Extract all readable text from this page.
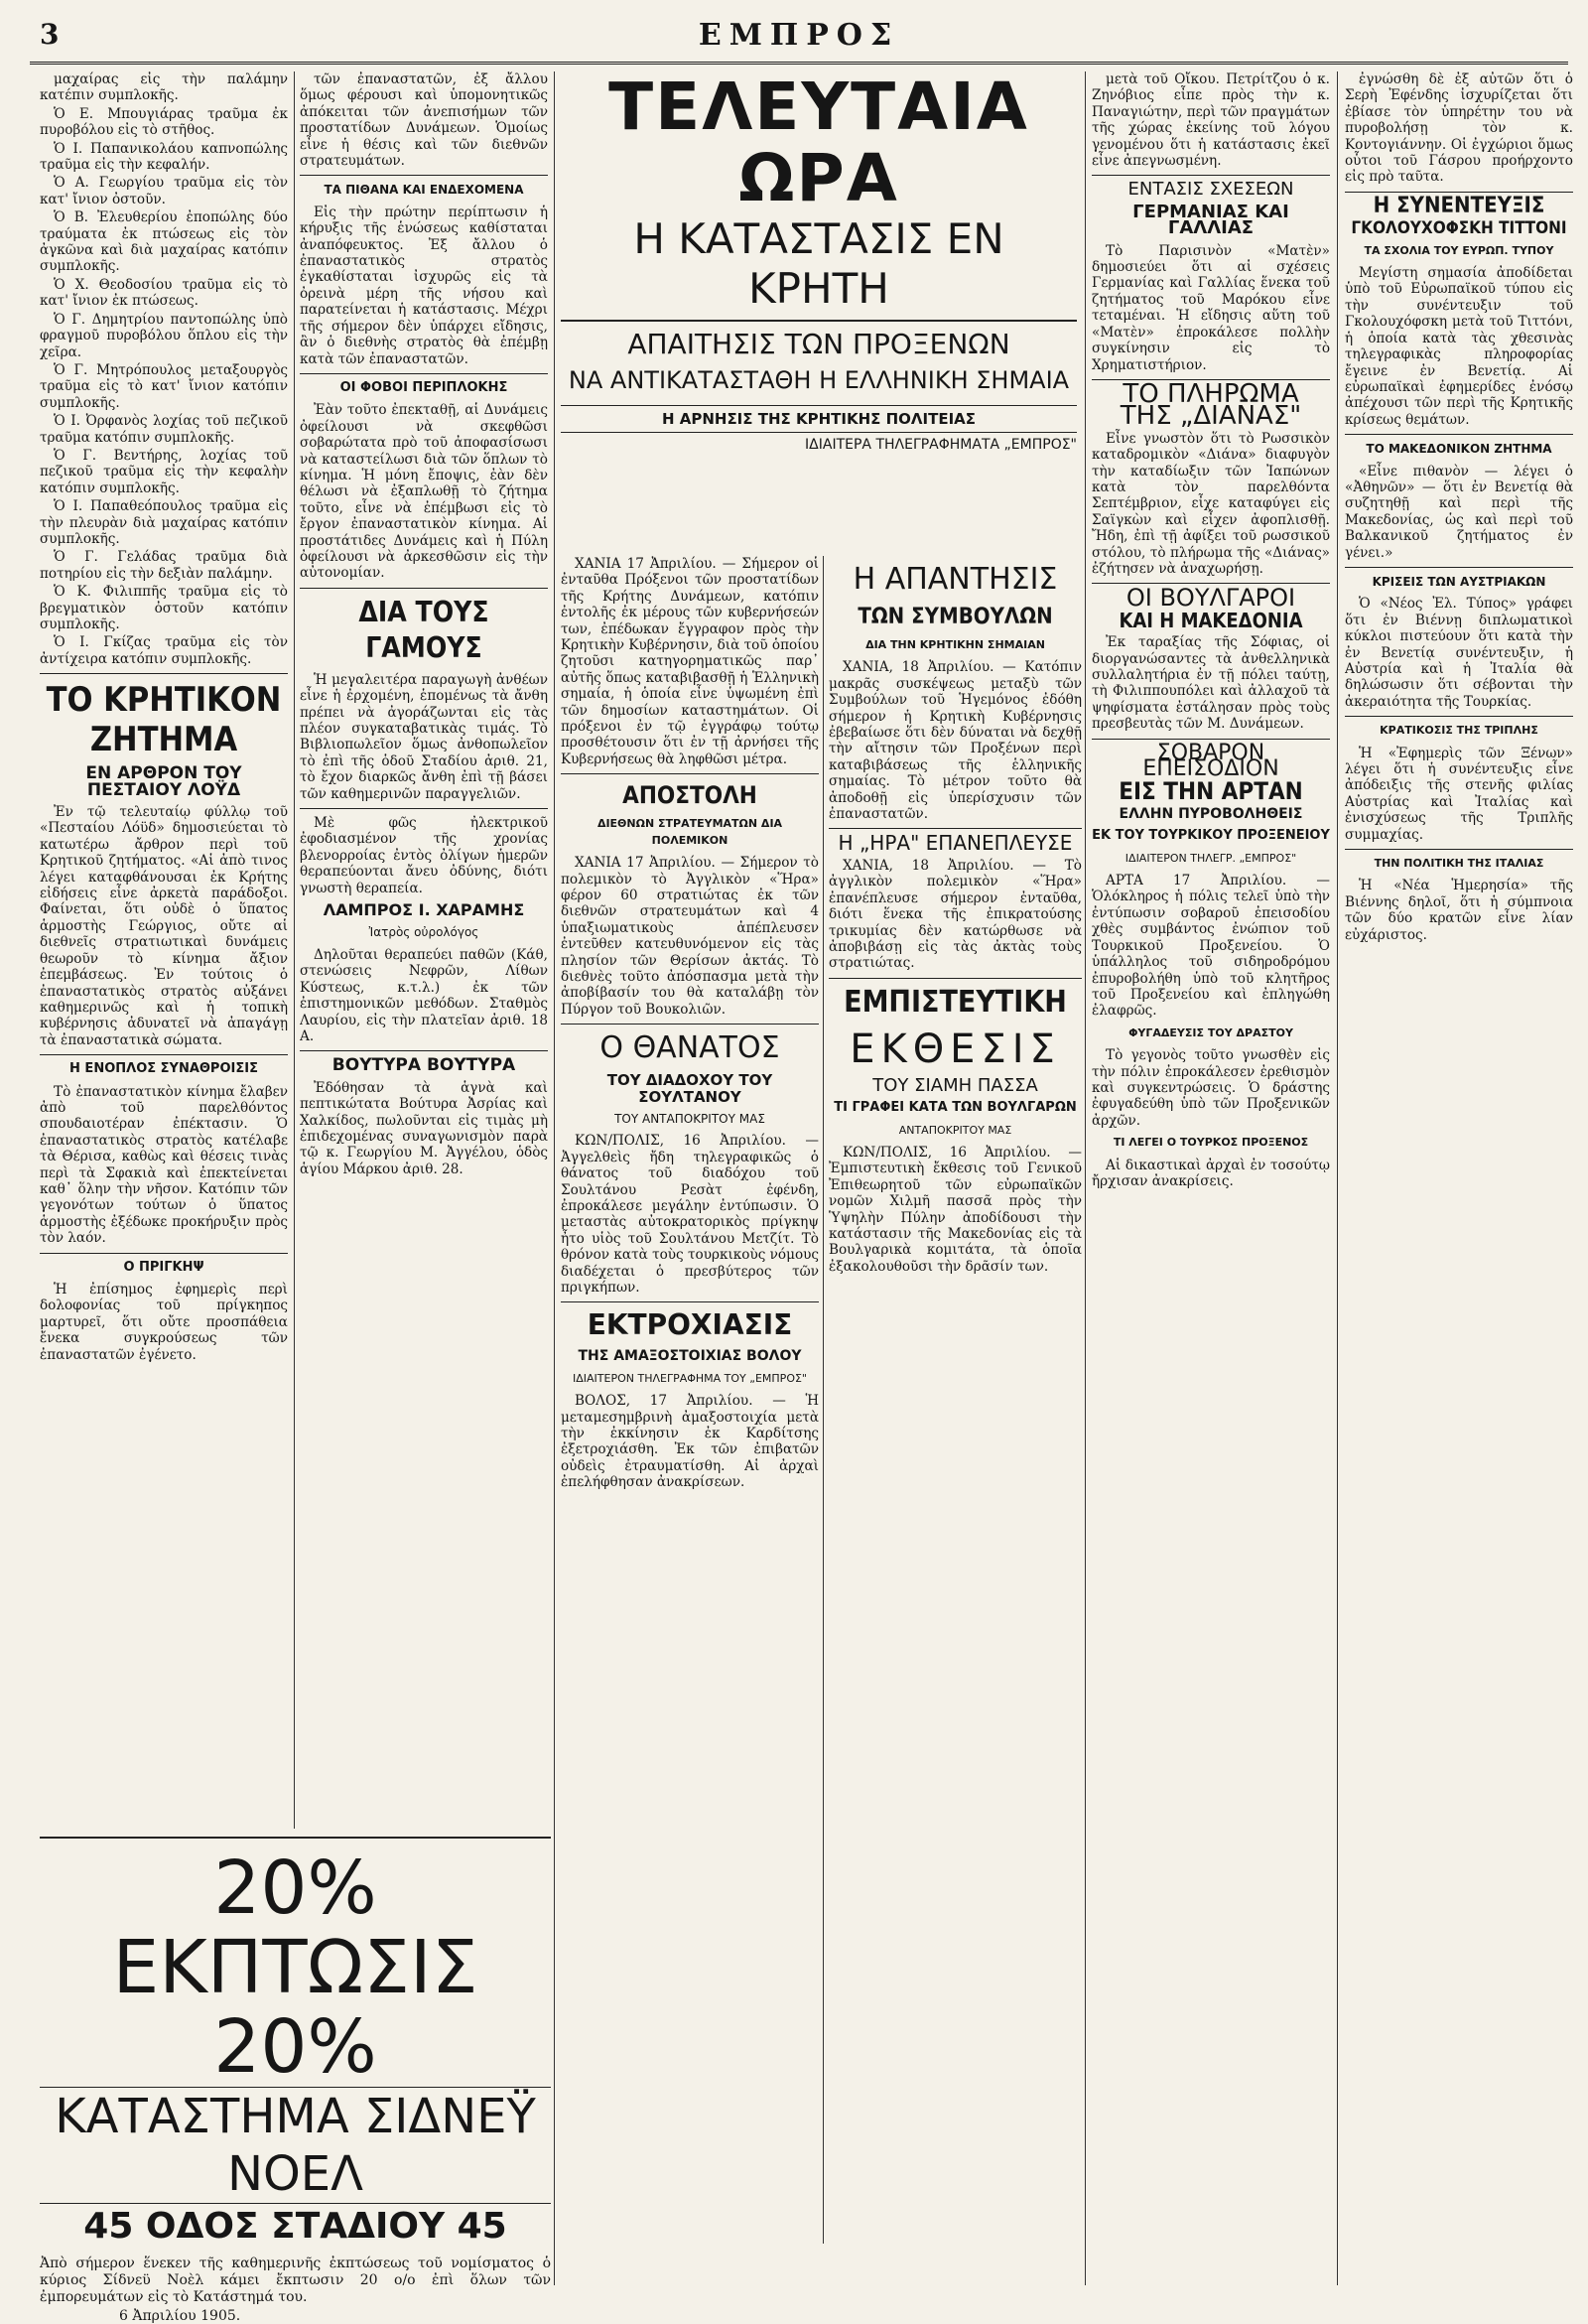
3	ΕΜΠΡΟΣ

μαχαίρας εἰς τὴν παλάμην κατέπιν συμπλοκῆς.

Ὁ Ε. Μπουγιάρας τραῦμα ἐκ πυροβόλου εἰς τὸ στῆθος.

Ὁ Ι. Παπανικολάου καπνοπώλης τραῦμα εἰς τὴν κεφαλήν.

Ὁ Α. Γεωργίου τραῦμα εἰς τὸν κατ' ἴνιον ὀστοῦν.

Ὁ Β. Ἐλευθερίου ἐποπώλης δύο τραύματα ἐκ πτώσεως εἰς τὸν ἀγκῶνα καὶ διὰ μαχαίρας κατόπιν συμπλοκῆς.

Ὁ Χ. Θεοδοσίου τραῦμα εἰς τὸ κατ' ἴνιον ἐκ πτώσεως.

Ὁ Γ. Δημητρίου παντοπώλης ὑπὸ φραγμοῦ πυροβόλου ὅπλου εἰς τὴν χεῖρα.

Ὁ Γ. Μητρόπουλος μεταξουργὸς τραῦμα εἰς τὸ κατ' ἴνιον κατόπιν συμπλοκῆς.

Ὁ Ι. Ὀρφανὸς λοχίας τοῦ πεζικοῦ τραῦμα κατόπιν συμπλοκῆς.

Ὁ Γ. Βεντήρης, λοχίας τοῦ πεζικοῦ τραῦμα εἰς τὴν κεφαλὴν κατόπιν συμπλοκῆς.

Ὁ Ι. Παπαθεόπουλος τραῦμα εἰς τὴν πλευρὰν διὰ μαχαίρας κατόπιν συμπλοκῆς.

Ὁ Γ. Γελάδας τραῦμα διὰ ποτηρίου εἰς τὴν δεξιὰν παλάμην.

Ὁ Κ. Φιλιππῆς τραῦμα εἰς τὸ βρεγματικὸν ὀστοῦν κατόπιν συμπλοκῆς.

Ὁ Ι. Γκίζας τραῦμα εἰς τὸν ἀντίχειρα κατόπιν συμπλοκῆς.

ΤΟ ΚΡΗΤΙΚΟΝ ΖΗΤΗΜΑ
ΕΝ ΑΡΘΡΟΝ ΤΟΥ ΠΕΣΤΑΙΟΥ ΛΟΫΔ

Ἐν τῷ τελευταίῳ φύλλῳ τοῦ «Πεσταίου Λόϋδ» δημοσιεύεται τὸ κατωτέρω ἄρθρον περὶ τοῦ Κρητικοῦ ζητήματος. «Αἱ ἀπὸ τινος λέγει καταφθάνουσαι ἐκ Κρήτης εἰδήσεις εἶνε ἀρκετὰ παράδοξοι. Φαίνεται, ὅτι οὐδὲ ὁ ὕπατος ἁρμοστὴς Γεώργιος, οὔτε αἱ διεθνεῖς στρατιωτικαὶ δυνάμεις θεωροῦν τὸ κίνημα ἄξιον ἐπεμβάσεως. Ἐν τούτοις ὁ ἐπαναστατικὸς στρατὸς αὐξάνει καθημερινῶς καὶ ἡ τοπικὴ κυβέρνησις ἀδυνατεῖ νὰ ἀπαγάγῃ τὰ ἐπαναστατικὰ σώματα.

Η ΕΝΟΠΛΟΣ ΣΥΝΑΘΡΟΙΣΙΣ

Τὸ ἐπαναστατικὸν κίνημα ἔλαβεν ἀπὸ τοῦ παρελθόντος σπουδαιοτέραν ἐπέκτασιν. Ὁ ἐπαναστατικὸς στρατὸς κατέλαβε τὰ Θέρισα, καθὼς καὶ θέσεις τινὰς περὶ τὰ Σφακιὰ καὶ ἐπεκτείνεται καθ᾽ ὅλην τὴν νῆσον. Κατόπιν τῶν γεγονότων τούτων ὁ ὕπατος ἁρμοστὴς ἐξέδωκε προκήρυξιν πρὸς τὸν λαόν.

Ο ΠΡΙΓΚΗΨ

Ἡ ἐπίσημος ἐφημερὶς περὶ δολοφονίας τοῦ πρίγκηπος μαρτυρεῖ, ὅτι οὔτε προσπάθεια ἔνεκα συγκρούσεως τῶν ἐπαναστατῶν ἐγένετο.

τῶν ἐπαναστατῶν, ἐξ ἄλλου ὅμως φέρουσι καὶ ὑπομονητικῶς ἀπόκειται τῶν ἀνεπισήμων τῶν προστατίδων Δυνάμεων. Ὁμοίως εἶνε ἡ θέσις καὶ τῶν διεθνῶν στρατευμάτων.

ΤΑ ΠΙΘΑΝΑ ΚΑΙ ΕΝΔΕΧΟΜΕΝΑ

Εἰς τὴν πρώτην περίπτωσιν ἡ κήρυξις τῆς ἑνώσεως καθίσταται ἀναπόφευκτος. Ἐξ ἄλλου ὁ ἐπαναστατικὸς στρατὸς ἐγκαθίσταται ἰσχυρῶς εἰς τὰ ὀρεινὰ μέρη τῆς νήσου καὶ παρατείνεται ἡ κατάστασις. Μέχρι τῆς σήμερον δὲν ὑπάρχει εἴδησις, ἂν ὁ διεθνὴς στρατὸς θὰ ἐπέμβῃ κατὰ τῶν ἐπαναστατῶν.

ΟΙ ΦΟΒΟΙ ΠΕΡΙΠΛΟΚΗΣ

Ἐὰν τοῦτο ἐπεκταθῇ, αἱ Δυνάμεις ὀφείλουσι νὰ σκεφθῶσι σοβαρώτατα πρὸ τοῦ ἀποφασίσωσι νὰ καταστείλωσι διὰ τῶν ὅπλων τὸ κίνημα. Ἡ μόνη ἔποψις, ἐὰν δὲν θέλωσι νὰ ἐξαπλωθῇ τὸ ζήτημα τοῦτο, εἶνε νὰ ἐπέμβωσι εἰς τὸ ἔργον ἐπαναστατικὸν κίνημα. Αἱ προστάτιδες Δυνάμεις καὶ ἡ Πύλη ὀφείλουσι νὰ ἀρκεσθῶσιν εἰς τὴν αὐτονομίαν.

ΔΙΑ ΤΟΥΣ ΓΑΜΟΥΣ

Ἡ μεγαλειτέρα παραγωγὴ ἀνθέων εἶνε ἡ ἐρχομένη, ἑπομένως τὰ ἄνθη πρέπει νὰ ἀγοράζωνται εἰς τὰς πλέον συγκαταβατικὰς τιμάς. Τὸ Βιβλιοπωλεῖον ὅμως ἀνθοπωλεῖον τὸ ἐπὶ τῆς ὁδοῦ Σταδίου ἀριθ. 21, τὸ ἔχον διαρκῶς ἄνθη ἐπὶ τῇ βάσει τῶν καθημερινῶν παραγγελιῶν.

Μὲ φῶς ἠλεκτρικοῦ ἐφοδιασμένον τῆς χρονίας βλενορροίας ἐντὸς ὀλίγων ἡμερῶν θεραπεύονται ἄνευ ὀδύνης, διότι γνωστὴ θεραπεία.

ΛΑΜΠΡΟΣ Ι. ΧΑΡΑΜΗΣ
Ἰατρὸς οὐρολόγος

Δηλοῦται θεραπεύει παθῶν (Κάθ, στενώσεις Νεφρῶν, Λίθων Κύστεως, κ.τ.λ.) ἐκ τῶν ἐπιστημονικῶν μεθόδων. Σταθμὸς Λαυρίου, εἰς τὴν πλατεῖαν ἀριθ. 18 Α.

ΒΟΥΤΥΡΑ ΒΟΥΤΥΡΑ

Ἐδόθησαν τὰ ἁγνὰ καὶ πεπτικώτατα Βούτυρα Ἀσρίας καὶ Χαλκίδος, πωλοῦνται εἰς τιμὰς μὴ ἐπιδεχομένας συναγωνισμὸν παρὰ τῷ κ. Γεωργίου Μ. Ἀγγέλου, ὁδὸς ἁγίου Μάρκου ἀριθ. 28.

ΤΕΛΕΥΤΑΙΑ ΩΡΑ
Η ΚΑΤΑΣΤΑΣΙΣ ΕΝ ΚΡΗΤΗ
ΑΠΑΙΤΗΣΙΣ ΤΩΝ ΠΡΟΞΕΝΩΝ
ΝΑ ΑΝΤΙΚΑΤΑΣΤΑΘΗ Η ΕΛΛΗΝΙΚΗ ΣΗΜΑΙΑ
Η ΑΡΝΗΣΙΣ ΤΗΣ ΚΡΗΤΙΚΗΣ ΠΟΛΙΤΕΙΑΣ
ΙΔΙΑΙΤΕΡΑ ΤΗΛΕΓΡΑΦΗΜΑΤΑ „ΕΜΠΡΟΣ"

ΧΑΝΙΑ 17 Ἀπριλίου. — Σήμερον οἱ ἐνταῦθα Πρόξενοι τῶν προστατίδων τῆς Κρήτης Δυνάμεων, κατόπιν ἐντολῆς ἐκ μέρους τῶν κυβερνήσεών των, ἐπέδωκαν ἔγγραφον πρὸς τὴν Κρητικὴν Κυβέρνησιν, διὰ τοῦ ὁποίου ζητοῦσι κατηγορηματικῶς παρ᾽ αὐτῆς ὅπως καταβιβασθῇ ἡ Ἑλληνικὴ σημαία, ἡ ὁποία εἶνε ὑψωμένη ἐπὶ τῶν δημοσίων καταστημάτων. Οἱ πρόξενοι ἐν τῷ ἐγγράφῳ τούτῳ προσθέτουσιν ὅτι ἐν τῇ ἀρνήσει τῆς Κυβερνήσεως θὰ ληφθῶσι μέτρα.

ΑΠΟΣΤΟΛΗ
ΔΙΕΘΝΩΝ ΣΤΡΑΤΕΥΜΑΤΩΝ ΔΙΑ ΠΟΛΕΜΙΚΟΝ

ΧΑΝΙΑ 17 Ἀπριλίου. — Σήμερον τὸ πολεμικὸν τὸ Ἀγγλικὸν «Ἥρα» φέρον 60 στρατιώτας ἐκ τῶν διεθνῶν στρατευμάτων καὶ 4 ὑπαξιωματικοὺς ἀπέπλευσεν ἐντεῦθεν κατευθυνόμενον εἰς τὰς πλησίον τῶν Θερίσων ἀκτάς. Τὸ διεθνὲς τοῦτο ἀπόσπασμα μετὰ τὴν ἀποβίβασίν του θὰ καταλάβῃ τὸν Πύργον τοῦ Βουκολιῶν.

Ο ΘΑΝΑΤΟΣ
ΤΟΥ ΔΙΑΔΟΧΟΥ ΤΟΥ ΣΟΥΛΤΑΝΟΥ
ΤΟΥ ΑΝΤΑΠΟΚΡΙΤΟΥ ΜΑΣ

ΚΩΝ/ΠΟΛΙΣ, 16 Ἀπριλίου. — Ἀγγελθεὶς ἤδη τηλεγραφικῶς ὁ θάνατος τοῦ διαδόχου τοῦ Σουλτάνου Ρεσὰτ ἐφένδη, ἐπροκάλεσε μεγάλην ἐντύπωσιν. Ὁ μεταστὰς αὐτοκρατορικὸς πρίγκηψ ἦτο υἱὸς τοῦ Σουλτάνου Μετζίτ. Τὸ θρόνον κατὰ τοὺς τουρκικοὺς νόμους διαδέχεται ὁ πρεσβύτερος τῶν πριγκήπων.

ΕΚΤΡΟΧΙΑΣΙΣ
ΤΗΣ ΑΜΑΞΟΣΤΟΙΧΙΑΣ ΒΟΛΟΥ
ΙΔΙΑΙΤΕΡΟΝ ΤΗΛΕΓΡΑΦΗΜΑ ΤΟΥ „ΕΜΠΡΟΣ"

ΒΟΛΟΣ, 17 Ἀπριλίου. — Ἡ μεταμεσημβρινὴ ἀμαξοστοιχία μετὰ τὴν ἐκκίνησιν ἐκ Καρδίτσης ἐξετροχιάσθη. Ἐκ τῶν ἐπιβατῶν οὐδεὶς ἐτραυματίσθη. Αἱ ἀρχαὶ ἐπελήφθησαν ἀνακρίσεων.

Η ΑΠΑΝΤΗΣΙΣ
ΤΩΝ ΣΥΜΒΟΥΛΩΝ
ΔΙΑ ΤΗΝ ΚΡΗΤΙΚΗΝ ΣΗΜΑΙΑΝ

ΧΑΝΙΑ, 18 Ἀπριλίου. — Κατόπιν μακρᾶς συσκέψεως μεταξὺ τῶν Συμβούλων τοῦ Ἡγεμόνος ἐδόθη σήμερον ἡ Κρητικὴ Κυβέρνησις ἐβεβαίωσε ὅτι δὲν δύναται νὰ δεχθῇ τὴν αἴτησιν τῶν Προξένων περὶ καταβιβάσεως τῆς ἑλληνικῆς σημαίας. Τὸ μέτρον τοῦτο θὰ ἀποδοθῇ εἰς ὑπερίσχυσιν τῶν ἐπαναστατῶν.

Η „ΗΡΑ" ΕΠΑΝΕΠΛΕΥΣΕ

ΧΑΝΙΑ, 18 Ἀπριλίου. — Τὸ ἀγγλικὸν πολεμικὸν «Ἥρα» ἐπανέπλευσε σήμερον ἐνταῦθα, διότι ἕνεκα τῆς ἐπικρατούσης τρικυμίας δὲν κατώρθωσε νὰ ἀποβιβάσῃ εἰς τὰς ἀκτὰς τοὺς στρατιώτας.

ΕΜΠΙΣΤΕΥΤΙΚΗ
ΕΚΘΕΣΙΣ
ΤΟΥ ΣΙΑΜΗ ΠΑΣΣΑ
ΤΙ ΓΡΑΦΕΙ ΚΑΤΑ ΤΩΝ ΒΟΥΛΓΑΡΩΝ
ΑΝΤΑΠΟΚΡΙΤΟΥ ΜΑΣ

ΚΩΝ/ΠΟΛΙΣ, 16 Ἀπριλίου. — Ἐμπιστευτικὴ ἔκθεσις τοῦ Γενικοῦ Ἐπιθεωρητοῦ τῶν εὐρωπαϊκῶν νομῶν Χιλμῆ πασσᾶ πρὸς τὴν Ὑψηλὴν Πύλην ἀποδίδουσι τὴν κατάστασιν τῆς Μακεδονίας εἰς τὰ Βουλγαρικὰ κομιτάτα, τὰ ὁποῖα ἐξακολουθοῦσι τὴν δρᾶσίν των.

μετὰ τοῦ Οἴκου. Πετρίτζου ὁ κ. Ζηνόβιος εἶπε πρὸς τὴν κ. Παναγιώτην, περὶ τῶν πραγμάτων τῆς χώρας ἐκείνης τοῦ λόγου γενομένου ὅτι ἡ κατάστασις ἐκεῖ εἶνε ἀπεγνωσμένη.

ΕΝΤΑΣΙΣ ΣΧΕΣΕΩΝ
ΓΕΡΜΑΝΙΑΣ ΚΑΙ ΓΑΛΛΙΑΣ

Τὸ Παρισινὸν «Ματὲν» δημοσιεύει ὅτι αἱ σχέσεις Γερμανίας καὶ Γαλλίας ἕνεκα τοῦ ζητήματος τοῦ Μαρόκου εἶνε τεταμέναι. Ἡ εἴδησις αὕτη τοῦ «Ματὲν» ἐπροκάλεσε πολλὴν συγκίνησιν εἰς τὸ Χρηματιστήριον.

ΤΟ ΠΛΗΡΩΜΑ
ΤΗΣ „ΔΙΑΝΑΣ"

Εἶνε γνωστὸν ὅτι τὸ Ρωσσικὸν καταδρομικὸν «Διάνα» διαφυγὸν τὴν καταδίωξιν τῶν Ἰαπώνων κατὰ τὸν παρελθόντα Σεπτέμβριον, εἶχε καταφύγει εἰς Σαϊγκὼν καὶ εἶχεν ἀφοπλισθῇ. Ἤδη, ἐπὶ τῇ ἀφίξει τοῦ ρωσσικοῦ στόλου, τὸ πλήρωμα τῆς «Διάνας» ἐζήτησεν νὰ ἀναχωρήσῃ.

ΟΙ ΒΟΥΛΓΑΡΟΙ
ΚΑΙ Η ΜΑΚΕΔΟΝΙΑ

Ἐκ ταραξίας τῆς Σόφιας, οἱ διοργανώσαντες τὰ ἀνθελληνικὰ συλλαλητήρια ἐν τῇ πόλει ταύτῃ, τὴ Φιλιππουπόλει καὶ ἀλλαχοῦ τὰ ψηφίσματα ἐστάλησαν πρὸς τοὺς πρεσβευτὰς τῶν Μ. Δυνάμεων.

ΣΟΒΑΡΟΝ ΕΠΕΙΣΟΔΙΟΝ
ΕΙΣ ΤΗΝ ΑΡΤΑΝ
ΕΛΛΗΝ ΠΥΡΟΒΟΛΗΘΕΙΣ
ΕΚ ΤΟΥ ΤΟΥΡΚΙΚΟΥ ΠΡΟΞΕΝΕΙΟΥ
ΙΔΙΑΙΤΕΡΟΝ ΤΗΛΕΓΡ. „ΕΜΠΡΟΣ"

ΑΡΤΑ 17 Ἀπριλίου. — Ὁλόκληρος ἡ πόλις τελεῖ ὑπὸ τὴν ἐντύπωσιν σοβαροῦ ἐπεισοδίου χθὲς συμβάντος ἐνώπιον τοῦ Τουρκικοῦ Προξενείου. Ὁ ὑπάλληλος τοῦ σιδηροδρόμου ἐπυροβολήθη ὑπὸ τοῦ κλητῆρος τοῦ Προξενείου καὶ ἐπληγώθη ἐλαφρῶς.

ΦΥΓΑΔΕΥΣΙΣ ΤΟΥ ΔΡΑΣΤΟΥ

Τὸ γεγονὸς τοῦτο γνωσθὲν εἰς τὴν πόλιν ἐπροκάλεσεν ἐρεθισμὸν καὶ συγκεντρώσεις. Ὁ δράστης ἐφυγαδεύθη ὑπὸ τῶν Προξενικῶν ἀρχῶν.

ΤΙ ΛΕΓΕΙ Ο ΤΟΥΡΚΟΣ ΠΡΟΞΕΝΟΣ

Αἱ δικαστικαὶ ἀρχαὶ ἐν τοσούτῳ ἤρχισαν ἀνακρίσεις.

ἐγνώσθη δὲ ἐξ αὐτῶν ὅτι ὁ Σερὴ Ἐφένδης ἰσχυρίζεται ὅτι ἐβίασε τὸν ὑπηρέτην του νὰ πυροβολήσῃ τὸν κ. Κοντογιάννην. Οἱ ἐγχώριοι ὅμως οὗτοι τοῦ Γάσρου προήρχοντο εἰς πρὸ ταῦτα.

Η ΣΥΝΕΝΤΕΥΞΙΣ
ΓΚΟΛΟΥΧΟΦΣΚΗ ΤΙΤΤΟΝΙ
ΤΑ ΣΧΟΛΙΑ ΤΟΥ ΕΥΡΩΠ. ΤΥΠΟΥ

Μεγίστη σημασία ἀποδίδεται ὑπὸ τοῦ Εὐρωπαϊκοῦ τύπου εἰς τὴν συνέντευξιν τοῦ Γκολουχόφσκη μετὰ τοῦ Τιττόνι, ἡ ὁποία κατὰ τὰς χθεσινὰς τηλεγραφικὰς πληροφορίας ἔγεινε ἐν Βενετίᾳ. Αἱ εὐρωπαϊκαὶ ἐφημερίδες ἐνόσῳ ἀπέχουσι τῶν περὶ τῆς Κρητικῆς κρίσεως θεμάτων.

ΤΟ ΜΑΚΕΔΟΝΙΚΟΝ ΖΗΤΗΜΑ

«Εἶνε πιθανὸν — λέγει ὁ «Ἀθηνῶν» — ὅτι ἐν Βενετίᾳ θὰ συζητηθῇ καὶ περὶ τῆς Μακεδονίας, ὡς καὶ περὶ τοῦ Βαλκανικοῦ ζητήματος ἐν γένει.»

ΚΡΙΣΕΙΣ ΤΩΝ ΑΥΣΤΡΙΑΚΩΝ

Ὁ «Νέος Ἐλ. Τύπος» γράφει ὅτι ἐν Βιέννῃ διπλωματικοὶ κύκλοι πιστεύουν ὅτι κατὰ τὴν ἐν Βενετίᾳ συνέντευξιν, ἡ Αὐστρία καὶ ἡ Ἰταλία θὰ δηλώσωσιν ὅτι σέβονται τὴν ἀκεραιότητα τῆς Τουρκίας.

ΚΡΑΤΙΚΟΣΙΣ ΤΗΣ ΤΡΙΠΛΗΣ

Ἡ «Ἐφημερὶς τῶν Ξένων» λέγει ὅτι ἡ συνέντευξις εἶνε ἀπόδειξις τῆς στενῆς φιλίας Αὐστρίας καὶ Ἰταλίας καὶ ἐνισχύσεως τῆς Τριπλῆς συμμαχίας.

ΤΗΝ ΠΟΛΙΤΙΚΗ ΤΗΣ ΙΤΑΛΙΑΣ

Ἡ «Νέα Ἡμερησία» τῆς Βιέννης δηλοῖ, ὅτι ἡ σύμπνοια τῶν δύο κρατῶν εἶνε λίαν εὐχάριστος.

20% ΕΚΠΤΩΣΙΣ 20%
ΚΑΤΑΣΤΗΜΑ ΣΙΔΝΕΫ ΝΟΕΛ
45 ΟΔΟΣ ΣΤΑΔΙΟΥ 45
Ἀπὸ σήμερον ἕνεκεν τῆς καθημερινῆς ἐκπτώσεως τοῦ νομίσματος ὁ κύριος Σίδνεϋ Νοὲλ κάμει ἔκπτωσιν 20 ο/ο ἐπὶ ὅλων τῶν ἐμπορευμάτων εἰς τὸ Κατάστημά του.
6 Ἀπριλίου 1905.
